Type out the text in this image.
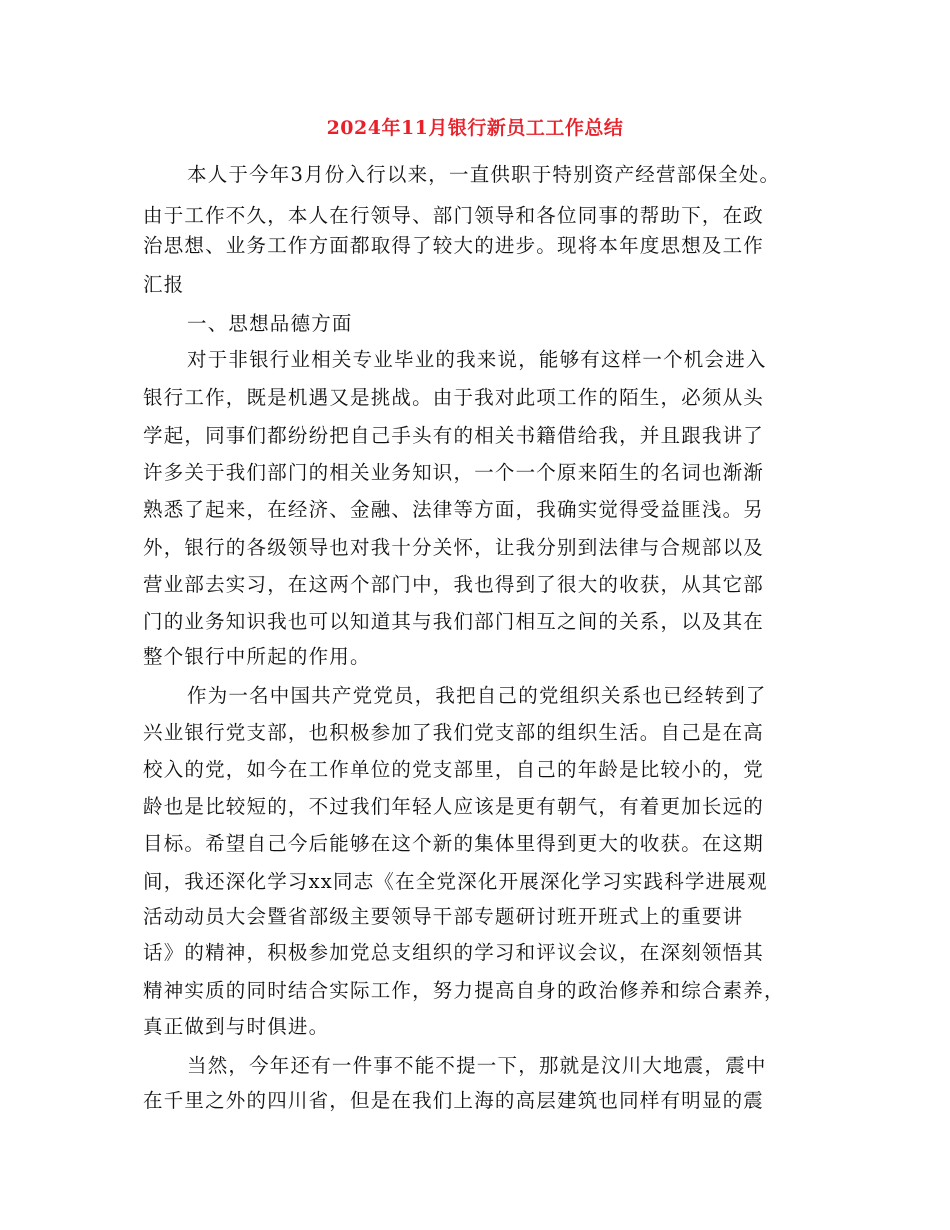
2024年11月银行新员工工作总结
本人于今年3月份入行以来，一直供职于特别资产经营部保全处。
由于工作不久，本人在行领导、部门领导和各位同事的帮助下，在政
治思想、业务工作方面都取得了较大的进步。现将本年度思想及工作
汇报
一、思想品德方面
对于非银行业相关专业毕业的我来说，能够有这样一个机会进入
银行工作，既是机遇又是挑战。由于我对此项工作的陌生，必须从头
学起，同事们都纷纷把自己手头有的相关书籍借给我，并且跟我讲了
许多关于我们部门的相关业务知识，一个一个原来陌生的名词也渐渐
熟悉了起来，在经济、金融、法律等方面，我确实觉得受益匪浅。另
外，银行的各级领导也对我十分关怀，让我分别到法律与合规部以及
营业部去实习，在这两个部门中，我也得到了很大的收获，从其它部
门的业务知识我也可以知道其与我们部门相互之间的关系，以及其在
整个银行中所起的作用。
作为一名中国共产党党员，我把自己的党组织关系也已经转到了
兴业银行党支部，也积极参加了我们党支部的组织生活。自己是在高
校入的党，如今在工作单位的党支部里，自己的年龄是比较小的，党
龄也是比较短的，不过我们年轻人应该是更有朝气，有着更加长远的
目标。希望自己今后能够在这个新的集体里得到更大的收获。在这期
间，我还深化学习xx同志《在全党深化开展深化学习实践科学进展观
活动动员大会暨省部级主要领导干部专题研讨班开班式上的重要讲
话》的精神，积极参加党总支组织的学习和评议会议，在深刻领悟其
精神实质的同时结合实际工作，努力提高自身的政治修养和综合素养，
真正做到与时俱进。
当然，今年还有一件事不能不提一下，那就是汶川大地震，震中
在千里之外的四川省，但是在我们上海的高层建筑也同样有明显的震
